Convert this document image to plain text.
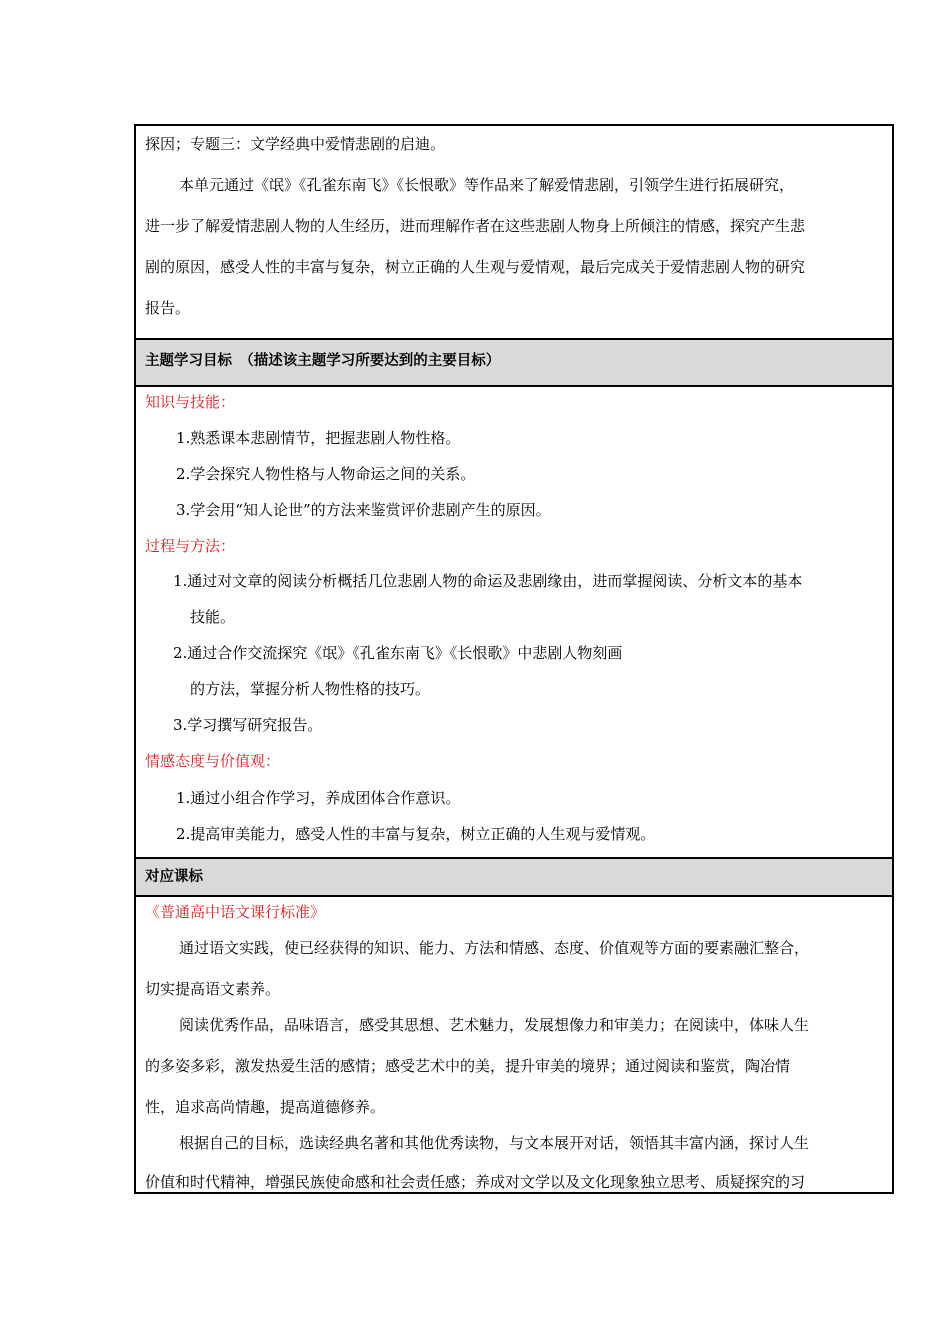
探因；专题三：文学经典中爱情悲剧的启迪。
本单元通过《氓》《孔雀东南飞》《长恨歌》等作品来了解爱情悲剧，引领学生进行拓展研究，
进一步了解爱情悲剧人物的人生经历，进而理解作者在这些悲剧人物身上所倾注的情感，探究产生悲
剧的原因，感受人性的丰富与复杂，树立正确的人生观与爱情观，最后完成关于爱情悲剧人物的研究
报告。
主题学习目标　（描述该主题学习所要达到的主要目标）
知识与技能：
1.熟悉课本悲剧情节，把握悲剧人物性格。
2.学会探究人物性格与人物命运之间的关系。
3.学会用“知人论世”的方法来鉴赏评价悲剧产生的原因。
过程与方法：
1.通过对文章的阅读分析概括几位悲剧人物的命运及悲剧缘由，进而掌握阅读、分析文本的基本
技能。
2.通过合作交流探究《氓》《孔雀东南飞》《长恨歌》中悲剧人物刻画
的方法，掌握分析人物性格的技巧。
3.学习撰写研究报告。
情感态度与价值观：
1.通过小组合作学习，养成团体合作意识。
2.提高审美能力，感受人性的丰富与复杂，树立正确的人生观与爱情观。
对应课标
《普通高中语文课行标准》
通过语文实践，使已经获得的知识、能力、方法和情感、态度、价值观等方面的要素融汇整合，
切实提高语文素养。
阅读优秀作品，品味语言，感受其思想、艺术魅力，发展想像力和审美力；在阅读中，体味人生
的多姿多彩，激发热爱生活的感情；感受艺术中的美，提升审美的境界；通过阅读和鉴赏，陶冶情
性，追求高尚情趣，提高道德修养。
根据自己的目标，选读经典名著和其他优秀读物，与文本展开对话，领悟其丰富内涵，探讨人生
价值和时代精神，增强民族使命感和社会责任感；养成对文学以及文化现象独立思考、质疑探究的习
